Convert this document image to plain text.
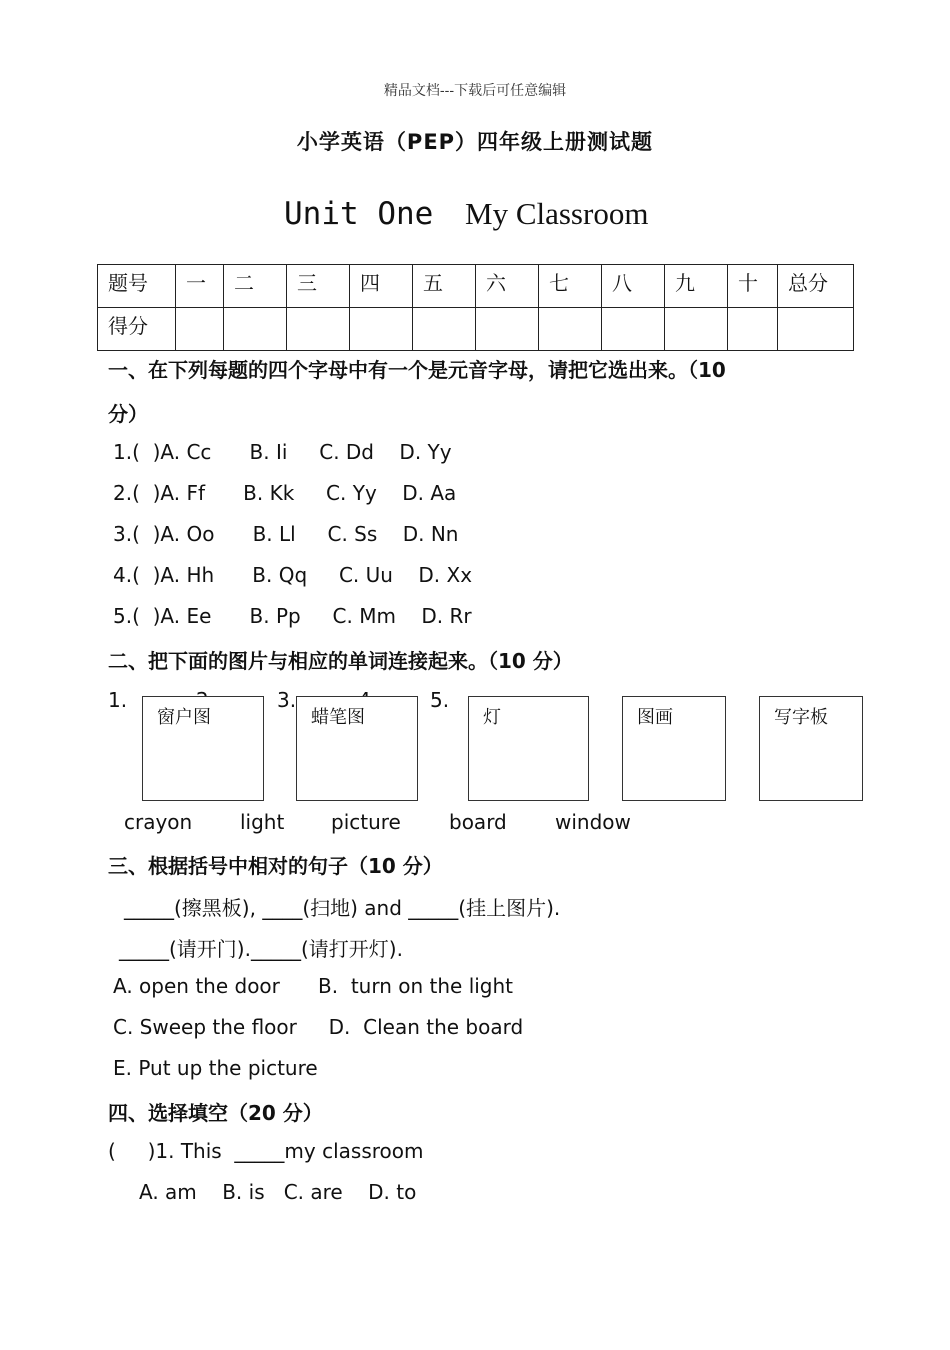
精品文档---下载后可任意编辑
小学英语（PEP）四年级上册测试题
Unit One My Classroom
题号	一	二	三	四	五	六	七	八	九	十	总分
得分											
一、在下列每题的四个字母中有一个是元音字母，请把它选出来。（10
分）
1.(  )A. Cc      B. Ii     C. Dd    D. Yy
2.(  )A. Ff      B. Kk     C. Yy    D. Aa
3.(  )A. Oo      B. Ll     C. Ss    D. Nn
4.(  )A. Hh      B. Qq     C. Uu    D. Xx
5.(  )A. Ee      B. Pp     C. Mm    D. Rr
二、把下面的图片与相应的单词连接起来。（10 分）
1.	3.	5.
窗户图	蜡笔图	灯	图画	写字板
crayon light picture board window
三、根据括号中相对的句子（10 分）
_____(擦黑板), ____(扫地) and _____(挂上图片).
_____(请开门)._____(请打开灯).
A. open the door      B.  turn on the light
C. Sweep the floor     D.  Clean the board
E. Put up the picture
四、选择填空（20 分）
(     )1. This  _____my classroom
A. am    B. is   C. are    D. to
